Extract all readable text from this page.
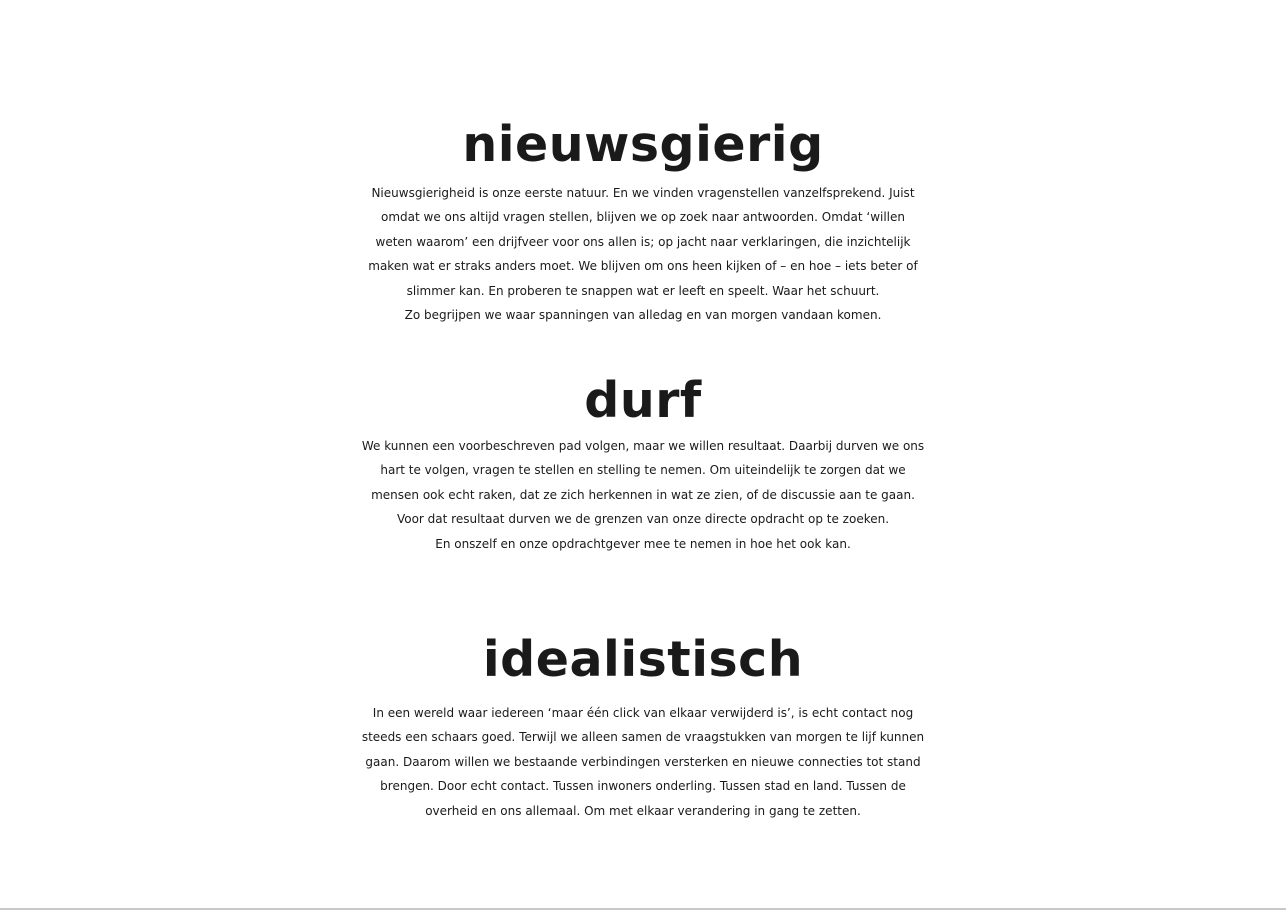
nieuwsgierig

Nieuwsgierigheid is onze eerste natuur. En we vinden vragenstellen vanzelfsprekend. Juist
omdat we ons altijd vragen stellen, blijven we op zoek naar antwoorden. Omdat ‘willen
weten waarom’ een drijfveer voor ons allen is; op jacht naar verklaringen, die inzichtelijk
maken wat er straks anders moet. We blijven om ons heen kijken of – en hoe – iets beter of
slimmer kan. En proberen te snappen wat er leeft en speelt. Waar het schuurt.
Zo begrijpen we waar spanningen van alledag en van morgen vandaan komen.

durf

We kunnen een voorbeschreven pad volgen, maar we willen resultaat. Daarbij durven we ons
hart te volgen, vragen te stellen en stelling te nemen. Om uiteindelijk te zorgen dat we
mensen ook echt raken, dat ze zich herkennen in wat ze zien, of de discussie aan te gaan.
Voor dat resultaat durven we de grenzen van onze directe opdracht op te zoeken.
En onszelf en onze opdrachtgever mee te nemen in hoe het ook kan.

idealistisch

In een wereld waar iedereen ‘maar één click van elkaar verwijderd is’, is echt contact nog
steeds een schaars goed. Terwijl we alleen samen de vraagstukken van morgen te lijf kunnen
gaan. Daarom willen we bestaande verbindingen versterken en nieuwe connecties tot stand
brengen. Door echt contact. Tussen inwoners onderling. Tussen stad en land. Tussen de
overheid en ons allemaal. Om met elkaar verandering in gang te zetten.
